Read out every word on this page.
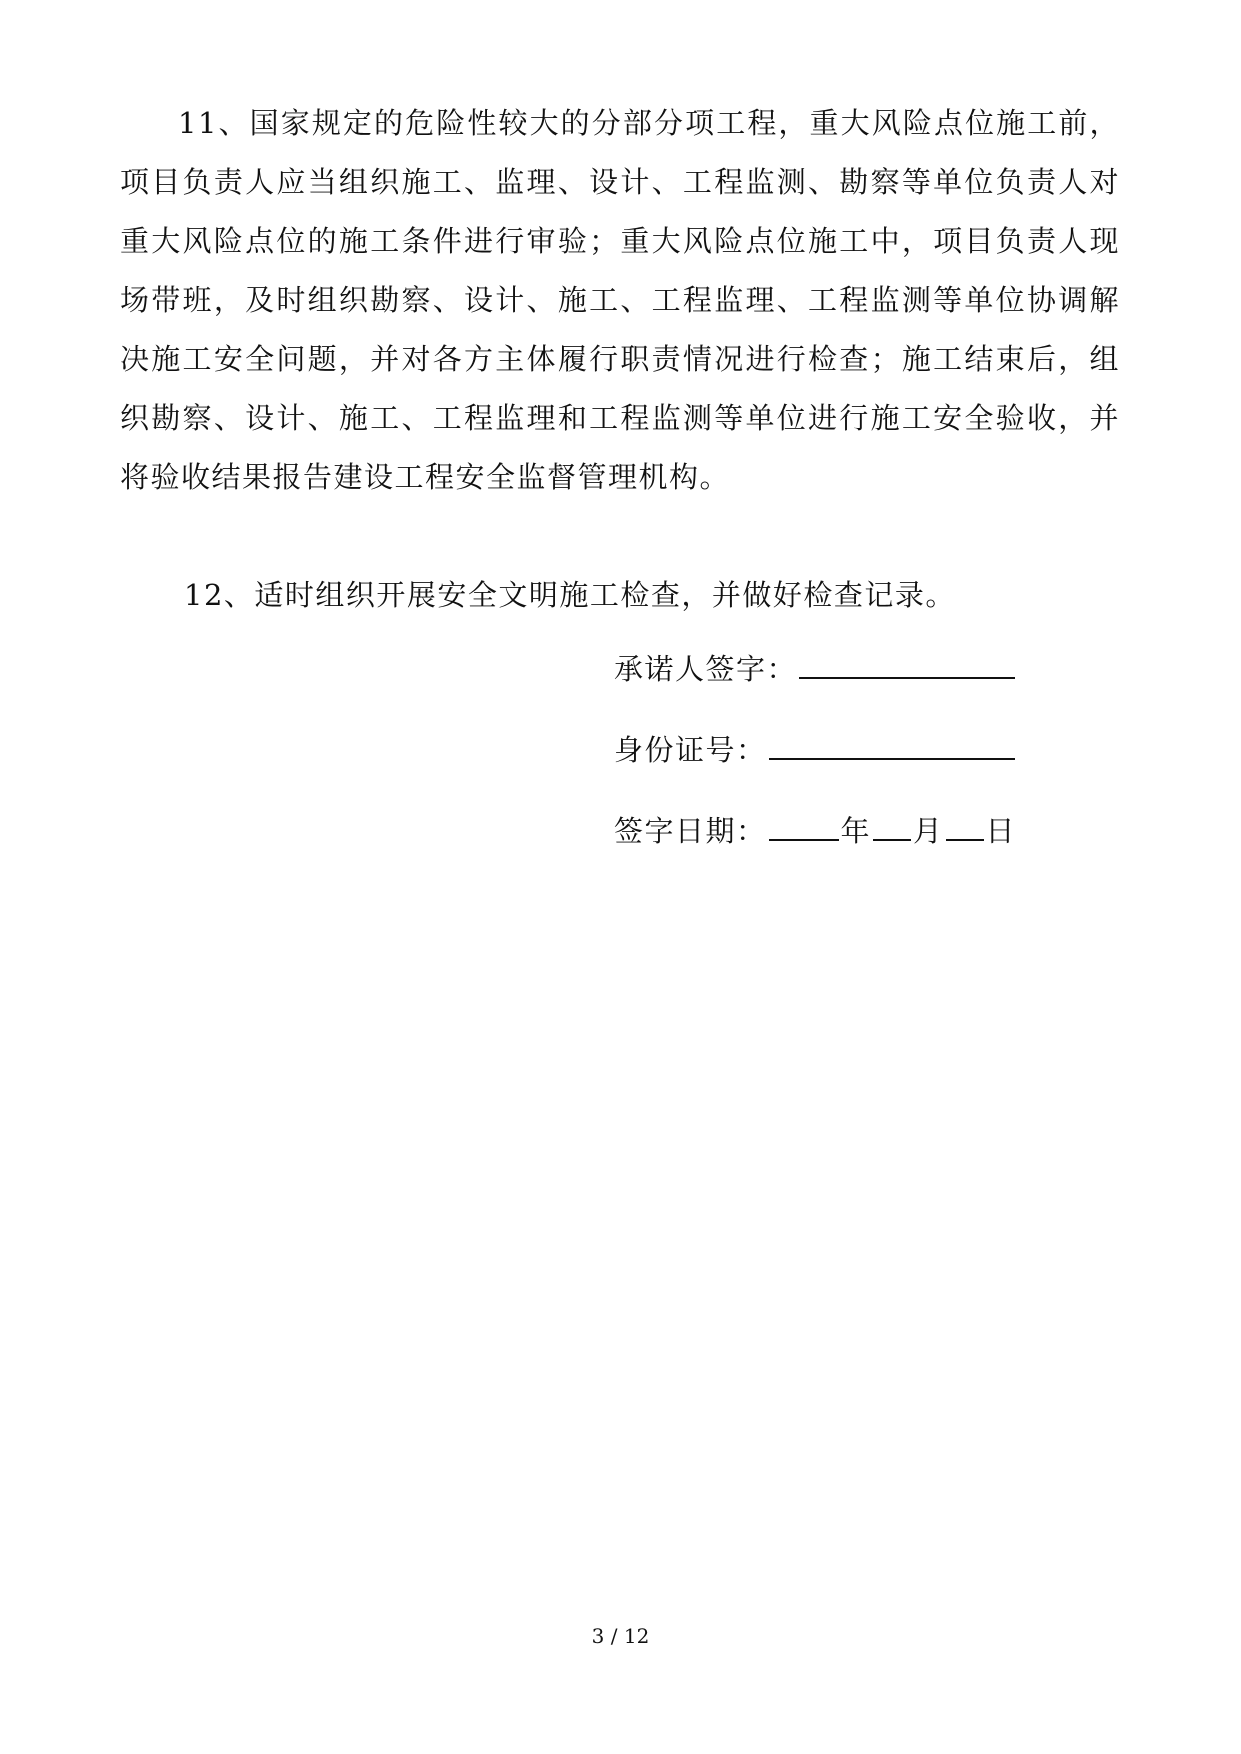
11、国家规定的危险性较大的分部分项工程，重大风险点位施工前，项目负责人应当组织施工、监理、设计、工程监测、勘察等单位负责人对重大风险点位的施工条件进行审验；重大风险点位施工中，项目负责人现场带班，及时组织勘察、设计、施工、工程监理、工程监测等单位协调解决施工安全问题，并对各方主体履行职责情况进行检查；施工结束后，组织勘察、设计、施工、工程监理和工程监测等单位进行施工安全验收，并将验收结果报告建设工程安全监督管理机构。

12、适时组织开展安全文明施工检查，并做好检查记录。

承诺人签字：
身份证号：
签字日期：	年 月 日
3 / 12
